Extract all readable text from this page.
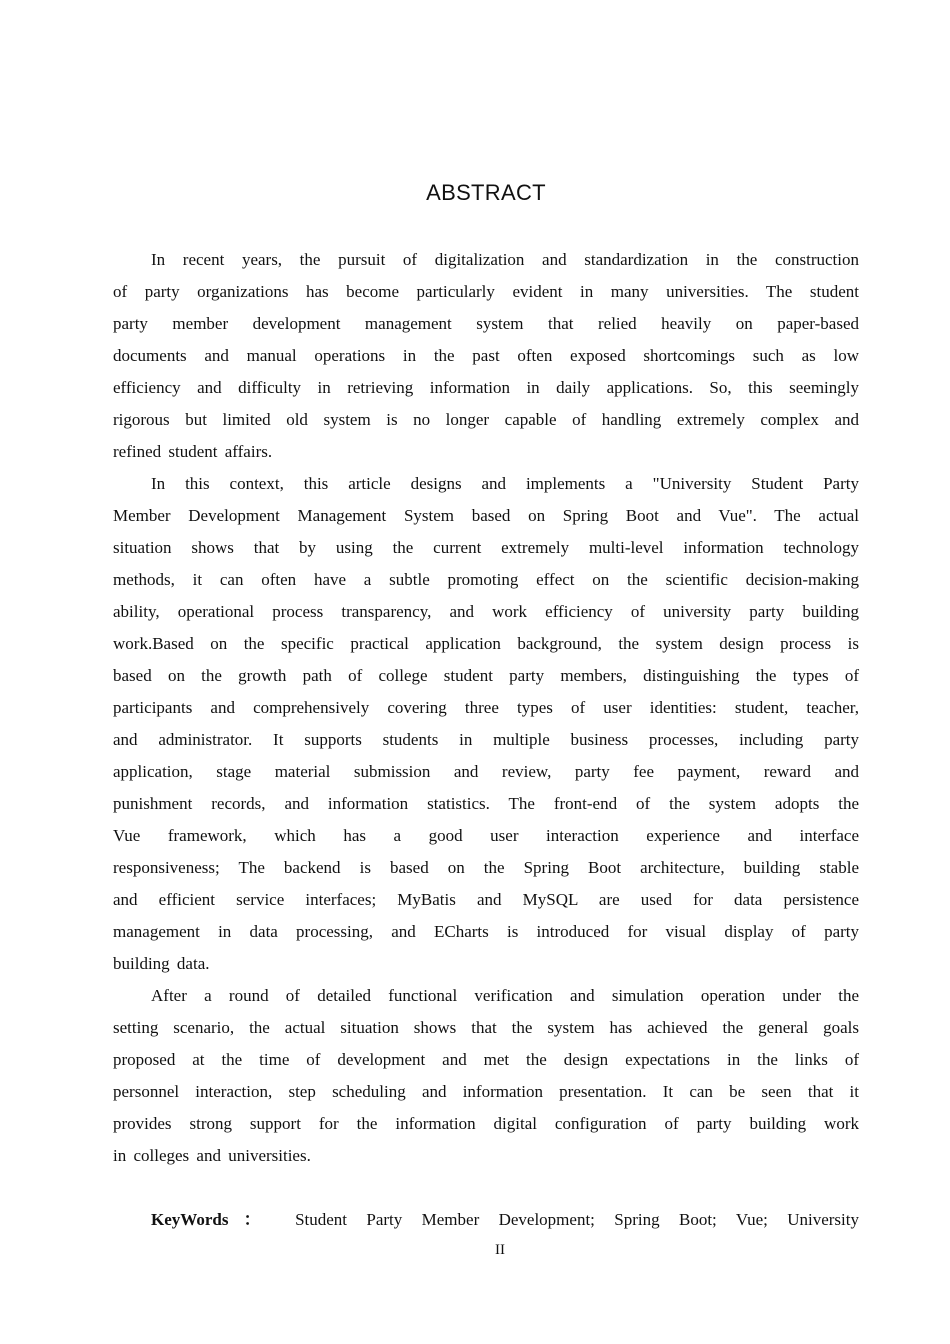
ABSTRACT
In recent years, the pursuit of digitalization and standardization in the construction
of party organizations has become particularly evident in many universities. The student
party member development management system that relied heavily on paper-based
documents and manual operations in the past often exposed shortcomings such as low
efficiency and difficulty in retrieving information in daily applications. So, this seemingly
rigorous but limited old system is no longer capable of handling extremely complex and
refined student affairs.
In this context, this article designs and implements a "University Student Party
Member Development Management System based on Spring Boot and Vue". The actual
situation shows that by using the current extremely multi-level information technology
methods, it can often have a subtle promoting effect on the scientific decision-making
ability, operational process transparency, and work efficiency of university party building
work.Based on the specific practical application background, the system design process is
based on the growth path of college student party members, distinguishing the types of
participants and comprehensively covering three types of user identities: student, teacher,
and administrator. It supports students in multiple business processes, including party
application, stage material submission and review, party fee payment, reward and
punishment records, and information statistics. The front-end of the system adopts the
Vue framework, which has a good user interaction experience and interface
responsiveness; The backend is based on the Spring Boot architecture, building stable
and efficient service interfaces; MyBatis and MySQL are used for data persistence
management in data processing, and ECharts is introduced for visual display of party
building data.
After a round of detailed functional verification and simulation operation under the
setting scenario, the actual situation shows that the system has achieved the general goals
proposed at the time of development and met the design expectations in the links of
personnel interaction, step scheduling and information presentation. It can be seen that it
provides strong support for the information digital configuration of party building work
in colleges and universities.
KeyWords： Student Party Member Development; Spring Boot; Vue; University
II
